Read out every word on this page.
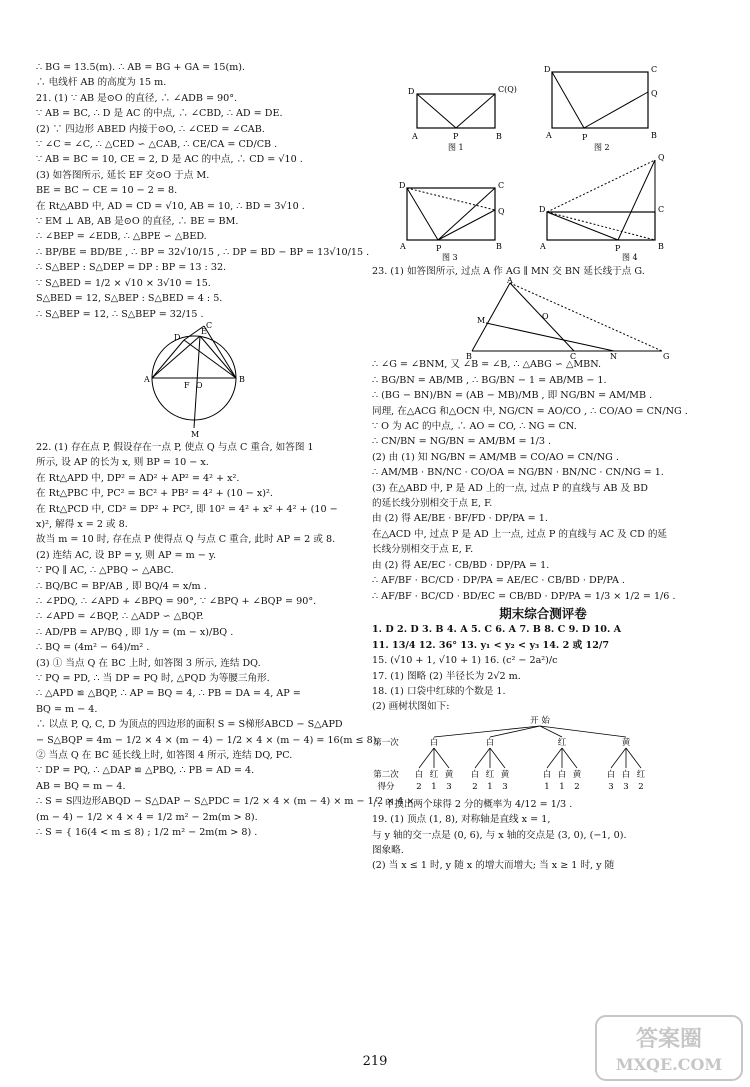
∴ BG = 13.5(m). ∴ AB = BG + GA = 15(m).
∴ 电线杆 AB 的高度为 15 m.
21. (1) ∵ AB 是⊙O 的直径, ∴ ∠ADB = 90°.
∵ AB = BC, ∴ D 是 AC 的中点, ∴ ∠CBD, ∴ AD = DE.
(2) ∵ 四边形 ABED 内接于⊙O, ∴ ∠CED = ∠CAB.
∵ ∠C = ∠C, ∴ △CED ∽ △CAB, ∴ CE/CA = CD/CB .
∵ AB = BC = 10, CE = 2, D 是 AC 的中点, ∴ CD = √10 .
(3) 如答图所示, 延长 EF 交⊙O 于点 M.
BE = BC − CE = 10 − 2 = 8.
在 Rt△ABD 中, AD = CD = √10, AB = 10, ∴ BD = 3√10 .
∵ EM ⊥ AB, AB 是⊙O 的直径, ∴ BE = BM.
∴ ∠BEP = ∠EDB, ∴ △BPE ∽ △BED.
∴ BP/BE = BD/BE , ∴ BP = 32√10/15 , ∴ DP = BD − BP = 13√10/15 .
∴ S△BEP : S△DEP = DP : BP = 13 : 32.
∵ S△BED = 1/2 × √10 × 3√10 = 15.
S△BED = 12, S△BEP : S△BED = 4 : 5.
∴ S△BEP = 12, ∴ S△BEP = 32/15 .
E
A	B
D
F O
M
C
22. (1) 存在点 P, 假设存在一点 P, 使点 Q 与点 C 重合, 如答图 1
所示, 设 AP 的长为 x, 则 BP = 10 − x.
在 Rt△APD 中, DP² = AD² + AP² = 4² + x².
在 Rt△PBC 中, PC² = BC² + PB² = 4² + (10 − x)².
在 Rt△PCD 中, CD² = DP² + PC², 即 10² = 4² + x² + 4² + (10 −
x)², 解得 x = 2 或 8.
故当 m = 10 时, 存在点 P 使得点 Q 与点 C 重合, 此时 AP = 2 或 8.
(2) 连结 AC, 设 BP = y, 则 AP = m − y.
∵ PQ ∥ AC, ∴ △PBQ ∽ △ABC.
∴ BQ/BC = BP/AB , 即 BQ/4 = x/m .
∴ ∠PDQ, ∴ ∠APD + ∠BPQ = 90°, ∵ ∠BPQ + ∠BQP = 90°.
∴ ∠APD = ∠BQP, ∴ △ADP ∽ △BQP.
∴ AD/PB = AP/BQ , 即 1/y = (m − x)/BQ .
∴ BQ = (4m² − 64)/m² .
(3) ① 当点 Q 在 BC 上时, 如答图 3 所示, 连结 DQ.
∵ PQ = PD, ∴ 当 DP = PQ 时, △PQD 为等腰三角形.
∴ △APD ≌ △BQP, ∴ AP = BQ = 4, ∴ PB = DA = 4, AP =
BQ = m − 4.
∴ 以点 P, Q, C, D 为顶点的四边形的面积 S = S梯形ABCD − S△APD
− S△BQP = 4m − 1/2 × 4 × (m − 4) − 1/2 × 4 × (m − 4) = 16(m ≤ 8).
② 当点 Q 在 BC 延长线上时, 如答图 4 所示, 连结 DQ, PC.
∵ DP = PQ, ∴ △DAP ≌ △PBQ, ∴ PB = AD = 4.
AB = BQ = m − 4.
∴ S = S四边形ABQD − S△DAP − S△PDC = 1/2 × 4 × (m − 4) × m − 1/2 × 4 ×
(m − 4) − 1/2 × 4 × 4 = 1/2 m² − 2m(m > 8).
∴ S = { 16(4 < m ≤ 8) ; 1/2 m² − 2m(m > 8) .
D	C(Q)
A	P	B
图 1
D	C
Q
A	P	B
图 2
D	C
Q
A	P	B
图 3
D	C
Q
A	P	B
图 4
23. (1) 如答图所示, 过点 A 作 AG ∥ MN 交 BN 延长线于点 G.
A
M	O
B	C	N	G
∴ ∠G = ∠BNM, 又 ∠B = ∠B, ∴ △ABG ∽ △MBN.
∴ BG/BN = AB/MB , ∴ BG/BN − 1 = AB/MB − 1.
∴ (BG − BN)/BN = (AB − MB)/MB , 即 NG/BN = AM/MB .
同理, 在△ACG 和△OCN 中, NG/CN = AO/CO , ∴ CO/AO = CN/NG .
∵ O 为 AC 的中点, ∴ AO = CO, ∴ NG = CN.
∴ CN/BN = NG/BN = AM/BM = 1/3 .
(2) 由 (1) 知 NG/BN = AM/MB = CO/AO = CN/NG .
∴ AM/MB · BN/NC · CO/OA = NG/BN · BN/NC · CN/NG = 1.
(3) 在△ABD 中, P 是 AD 上的一点, 过点 P 的直线与 AB 及 BD
的延长线分别相交于点 E, F.
由 (2) 得 AE/BE · BF/FD · DP/PA = 1.
在△ACD 中, 过点 P 是 AD 上一点, 过点 P 的直线与 AC 及 CD 的延
长线分别相交于点 E, F.
由 (2) 得 AE/EC · CB/BD · DP/PA = 1.
∴ AF/BF · BC/CD · DP/PA = AE/EC · CB/BD · DP/PA .
∴ AF/BF · BC/CD · BD/EC = CB/BD · DP/PA = 1/3 × 1/2 = 1/6 .
期末综合测评卷
1. D 2. D 3. B 4. A 5. C 6. A 7. B 8. C 9. D 10. A
11. 13/4 12. 36° 13. y₁ < y₂ < y₃ 14. 2 或 12/7
15. (√10 + 1, √10 + 1) 16. (c² − 2a²)/c
17. (1) 图略 (2) 半径长为 2√2 m.
18. (1) 口袋中红球的个数是 1.
(2) 画树状图如下:
开 始
第一次
第二次
得分
白
白
2
红
1
黄
3
白
白
2
红
1
黄
3
红
白
1
白
1
黄
2
黄
白
3
白
3
红
2
∴ 甲摸出两个球得 2 分的概率为 4/12 = 1/3 .
19. (1) 顶点 (1, 8), 对称轴是直线 x = 1,
与 y 轴的交一点是 (0, 6), 与 x 轴的交点是 (3, 0), (−1, 0).
图象略.
(2) 当 x ≤ 1 时, y 随 x 的增大而增大; 当 x ≥ 1 时, y 随
219
答案圈
MXQE.COM
